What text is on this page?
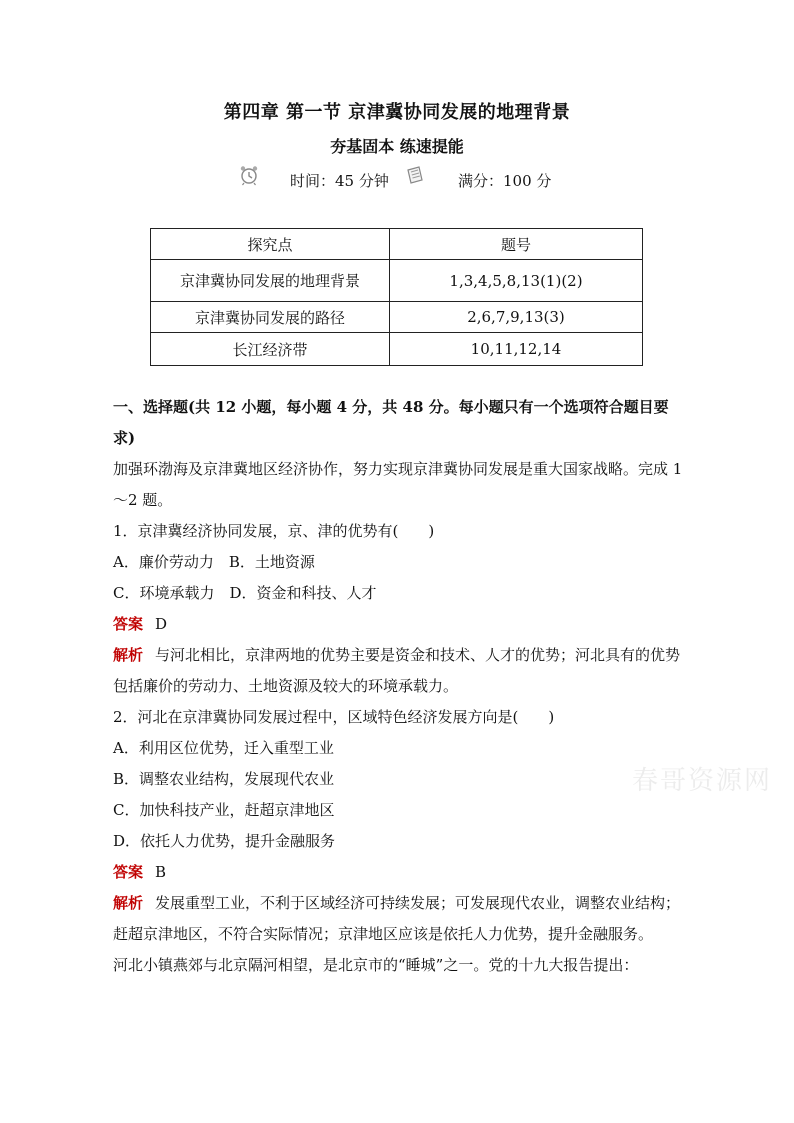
第四章 第一节 京津冀协同发展的地理背景
夯基固本 练速提能
时间：45 分钟	满分：100 分
探究点	题号
京津冀协同发展的地理背景	1,3,4,5,8,13(1)(2)
京津冀协同发展的路径	2,6,7,9,13(3)
长江经济带	10,11,12,14

一、选择题(共 12 小题，每小题 4 分，共 48 分。每小题只有一个选项符合题目要求)

加强环渤海及京津冀地区经济协作，努力实现京津冀协同发展是重大国家战略。完成 1～2 题。

1．京津冀经济协同发展，京、津的优势有(　　)

A．廉价劳动力　B．土地资源

C．环境承载力　D．资金和科技、人才

答案 D

解析 与河北相比，京津两地的优势主要是资金和技术、人才的优势；河北具有的优势包括廉价的劳动力、土地资源及较大的环境承载力。

2．河北在京津冀协同发展过程中，区域特色经济发展方向是(　　)

A．利用区位优势，迁入重型工业

B．调整农业结构，发展现代农业

C．加快科技产业，赶超京津地区

D．依托人力优势，提升金融服务

答案 B

解析 发展重型工业，不利于区域经济可持续发展；可发展现代农业，调整农业结构；赶超京津地区，不符合实际情况；京津地区应该是依托人力优势，提升金融服务。

河北小镇燕郊与北京隔河相望，是北京市的“睡城”之一。党的十九大报告提出：

春哥资源网
